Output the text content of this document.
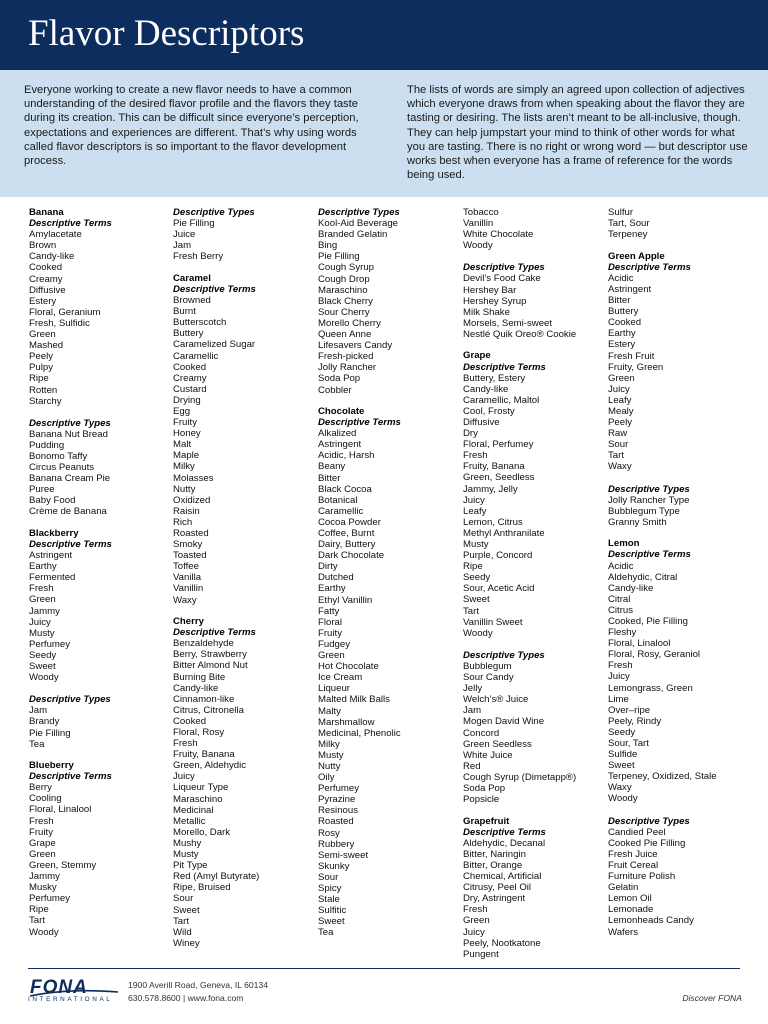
Flavor Descriptors

Everyone working to create a new flavor needs to have a common understanding of the desired flavor profile and the flavors they taste during its creation. This can be difficult since everyone’s perception, expectations and experiences are different. That’s why using words called flavor descriptors is so important to the flavor development process.

The lists of words are simply an agreed upon collection of adjectives which everyone draws from when speaking about the flavor they are tasting or desiring. The lists aren’t meant to be all-inclusive, though. They can help jumpstart your mind to think of other words for what you are tasting. There is no right or wrong word — but descriptor use works best when everyone has a frame of reference for the words being used.

Banana
Descriptive Terms
Amylacetate
Brown
Candy-like
Cooked
Creamy
Diffusive
Estery
Floral, Geranium
Fresh, Sulfidic
Green
Mashed
Peely
Pulpy
Ripe
Rotten
Starchy
Descriptive Types
Banana Nut Bread
Pudding
Bonomo Taffy
Circus Peanuts
Banana Cream Pie
Puree
Baby Food
Crème de Banana
Blackberry
Descriptive Terms
Astringent
Earthy
Fermented
Fresh
Green
Jammy
Juicy
Musty
Perfumey
Seedy
Sweet
Woody
Descriptive Types
Jam
Brandy
Pie Filling
Tea
Blueberry
Descriptive Terms
Berry
Cooling
Floral, Linalool
Fresh
Fruity
Grape
Green
Green, Stemmy
Jammy
Musky
Perfumey
Ripe
Tart
Woody
Descriptive Types
Pie Filling
Juice
Jam
Fresh Berry
Caramel
Descriptive Terms
Browned
Burnt
Butterscotch
Buttery
Caramelized Sugar
Caramellic
Cooked
Creamy
Custard
Drying
Egg
Fruity
Honey
Malt
Maple
Milky
Molasses
Nutty
Oxidized
Raisin
Rich
Roasted
Smoky
Toasted
Toffee
Vanilla
Vanillin
Waxy
Cherry
Descriptive Terms
Benzaldehyde
Berry, Strawberry
Bitter Almond Nut
Burning Bite
Candy-like
Cinnamon-like
Citrus, Citronella
Cooked
Floral, Rosy
Fresh
Fruity, Banana
Green, Aldehydic
Juicy
Liqueur Type
Maraschino
Medicinal
Metallic
Morello, Dark
Mushy
Musty
Pit Type
Red (Amyl Butyrate)
Ripe, Bruised
Sour
Sweet
Tart
Wild
Winey
Descriptive Types
Kool-Aid Beverage
Branded Gelatin
Bing
Pie Filling
Cough Syrup
Cough Drop
Maraschino
Black Cherry
Sour Cherry
Morello Cherry
Queen Anne
Lifesavers Candy
Fresh-picked
Jolly Rancher
Soda Pop
Cobbler
Chocolate
Descriptive Terms
Alkalized
Astringent
Acidic, Harsh
Beany
Bitter
Black Cocoa
Botanical
Caramellic
Cocoa Powder
Coffee, Burnt
Dairy, Buttery
Dark Chocolate
Dirty
Dutched
Earthy
Ethyl Vanillin
Fatty
Floral
Fruity
Fudgey
Green
Hot Chocolate
Ice Cream
Liqueur
Malted Milk Balls
Malty
Marshmallow
Medicinal, Phenolic
Milky
Musty
Nutty
Oily
Perfumey
Pyrazine
Resinous
Roasted
Rosy
Rubbery
Semi-sweet
Skunky
Sour
Spicy
Stale
Sulfitic
Sweet
Tea
Tobacco
Vanillin
White Chocolate
Woody
Descriptive Types
Devil’s Food Cake
Hershey Bar
Hershey Syrup
Milk Shake
Morsels, Semi-sweet
Nestlé Quik Oreo® Cookie
Grape
Descriptive Terms
Buttery, Estery
Candy-like
Caramellic, Maltol
Cool, Frosty
Diffusive
Dry
Floral, Perfumey
Fresh
Fruity, Banana
Green, Seedless
Jammy, Jelly
Juicy
Leafy
Lemon, Citrus
Methyl Anthranilate
Musty
Purple, Concord
Ripe
Seedy
Sour, Acetic Acid
Sweet
Tart
Vanillin Sweet
Woody
Descriptive Types
Bubblegum
Sour Candy
Jelly
Welch’s® Juice
Jam
Mogen David Wine
Concord
Green Seedless
White Juice
Red
Cough Syrup (Dimetapp®)
Soda Pop
Popsicle
Grapefruit
Descriptive Terms
Aldehydic, Decanal
Bitter, Naringin
Bitter, Orange
Chemical, Artificial
Citrusy, Peel Oil
Dry, Astringent
Fresh
Green
Juicy
Peely, Nootkatone
Pungent
Sulfur
Tart, Sour
Terpeney
Green Apple
Descriptive Terms
Acidic
Astringent
Bitter
Buttery
Cooked
Earthy
Estery
Fresh Fruit
Fruity, Green
Green
Juicy
Leafy
Mealy
Peely
Raw
Sour
Tart
Waxy
Descriptive Types
Jolly Rancher Type
Bubblegum Type
Granny Smith
Lemon
Descriptive Terms
Acidic
Aldehydic, Citral
Candy-like
Citral
Citrus
Cooked, Pie Filling
Fleshy
Floral, Linalool
Floral, Rosy, Geraniol
Fresh
Juicy
Lemongrass, Green
Lime
Over–ripe
Peely, Rindy
Seedy
Sour, Tart
Sulfide
Sweet
Terpeney, Oxidized, Stale
Waxy
Woody
Descriptive Types
Candied Peel
Cooked Pie Filling
Fresh Juice
Fruit Cereal
Furniture Polish
Gelatin
Lemon Oil
Lemonade
Lemonheads Candy
Wafers
FONA
INTERNATIONAL
1900 Averill Road, Geneva, IL 60134
630.578.8600 | www.fona.com	Discover FONA
